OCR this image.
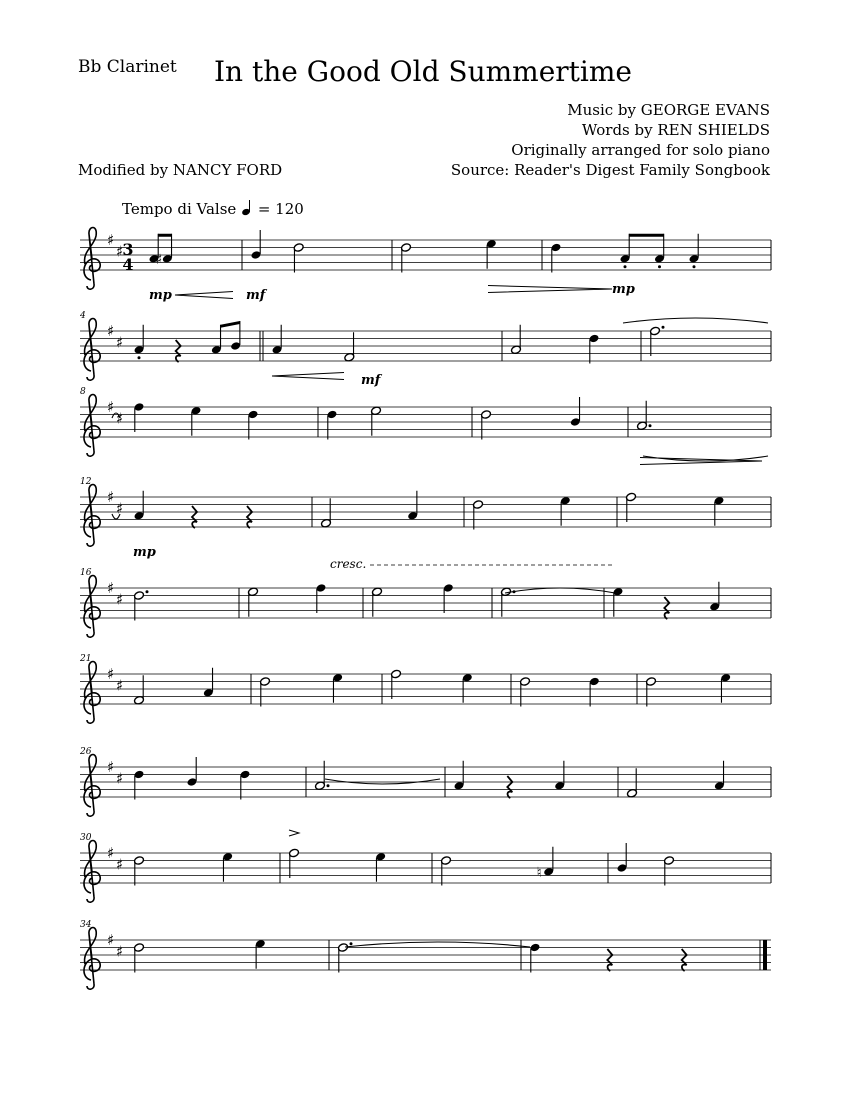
Bb Clarinet In the Good Old Summertime
Music by GEORGE EVANS
Words by REN SHIELDS
Originally arranged for solo piano
Source: Reader's Digest Family Songbook
Modified by NANCY FORD
Tempo di Valse = 120
♯
♯ 3
4 ♯
♯
♯
4
♯
♯
8
♯
♯
12
♯
♯
16
♯
♯
21
♯
♯
26
♯
♯
30
♮
♯
♯
34
mp	mf	mp
mf
mp
cresc.
